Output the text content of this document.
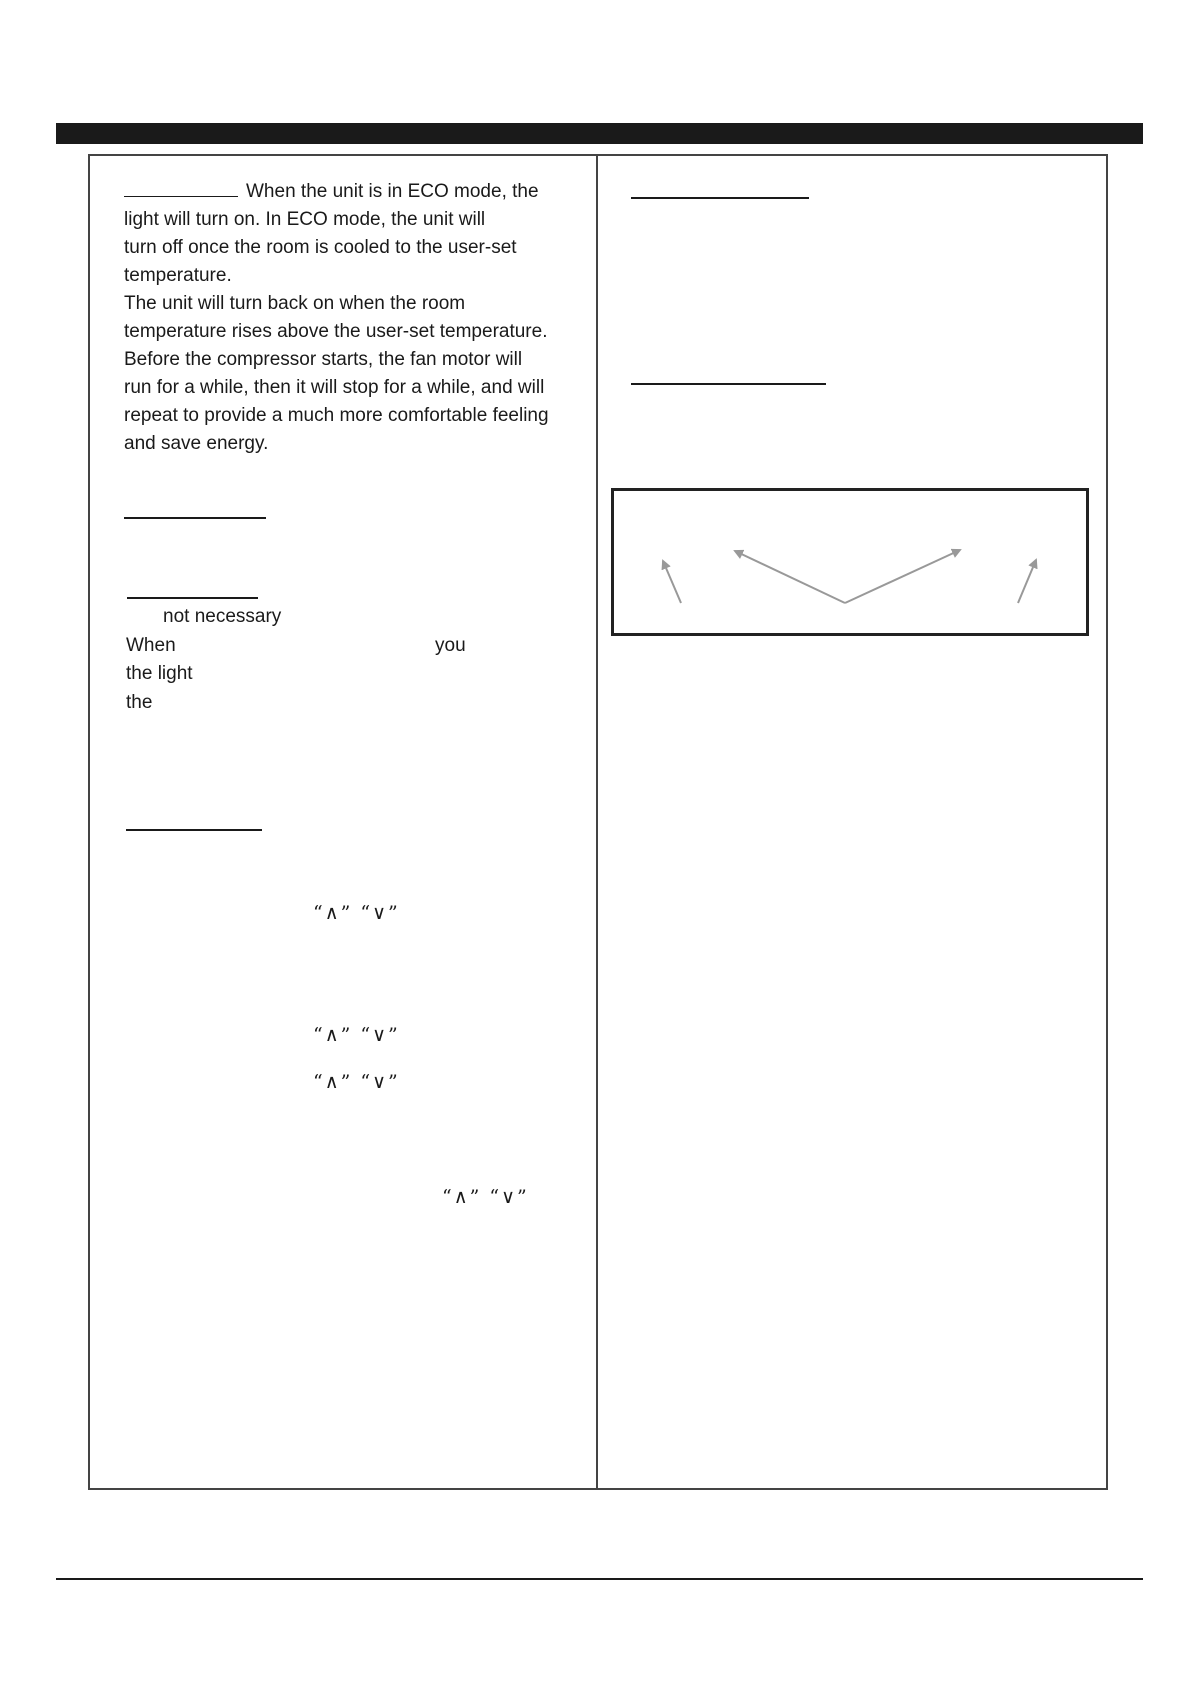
When the unit is in ECO mode, the
light will turn on. In ECO mode, the unit will
turn off once the room is cooled to the user-set
temperature.
The unit will turn back on when the room
temperature rises above the user-set temperature.
Before the compressor starts, the fan motor will
run for a while, then it will stop for a while, and will
repeat to provide a much more comfortable feeling
and save energy.
not necessary
When	you
the light
the
“∧” “∨”
“∧” “∨”
“∧” “∨”
“∧” “∨”
